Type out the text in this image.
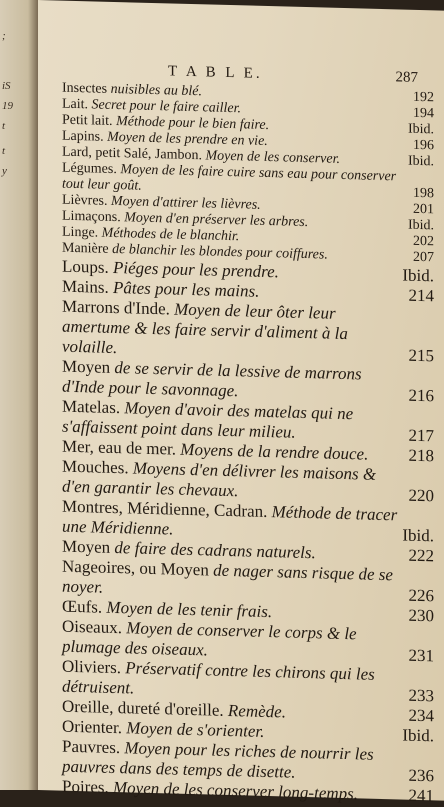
;
iS
19
t
t
y
T A B L E.	287
Insectes nuisibles au blé.	192
Lait. Secret pour le faire cailler.	194
Petit lait. Méthode pour le bien faire.	Ibid.
Lapins. Moyen de les prendre en vie.	196
Lard, petit Salé, Jambon. Moyen de les conserver.	Ibid.
Légumes. Moyen de les faire cuire sans eau pour conserver tout leur goût.	198
Lièvres. Moyen d'attirer les lièvres.	201
Limaçons. Moyen d'en préserver les arbres.	Ibid.
Linge. Méthodes de le blanchir.	202
Manière de blanchir les blondes pour coiffures.	207
Loups. Piéges pour les prendre.	Ibid.
Mains. Pâtes pour les mains.	214
Marrons d'Inde. Moyen de leur ôter leur amertume & les faire servir d'aliment à la volaille.	215
Moyen de se servir de la lessive de marrons d'Inde pour le savonnage.	216
Matelas. Moyen d'avoir des matelas qui ne s'affaissent point dans leur milieu.	217
Mer, eau de mer. Moyens de la rendre douce. 218
Mouches. Moyens d'en délivrer les maisons & d'en garantir les chevaux.	220
Montres, Méridienne, Cadran. Méthode de tracer une Méridienne.	Ibid.
Moyen de faire des cadrans naturels.	222
Nageoires, ou Moyen de nager sans risque de se noyer.	226
Œufs. Moyen de les tenir frais.	230
Oiseaux. Moyen de conserver le corps & le plumage des oiseaux.	231
Oliviers. Préservatif contre les chirons qui les détruisent.	233
Oreille, dureté d'oreille. Remède.	234
Orienter. Moyen de s'orienter.	Ibid.
Pauvres. Moyen pour les riches de nourrir les pauvres dans des temps de disette.	236
Poires. Moyen de les conserver long-temps.	241
